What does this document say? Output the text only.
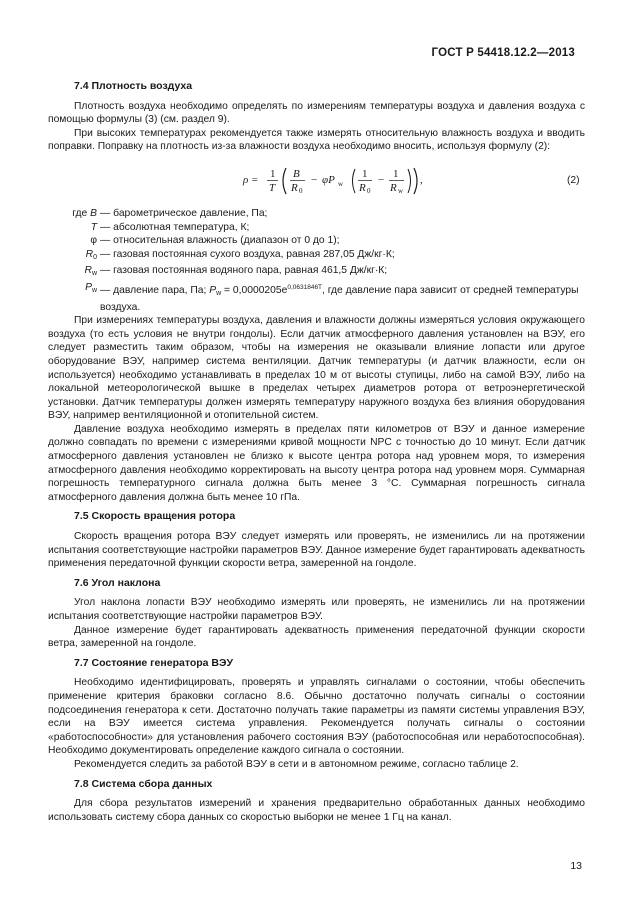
ГОСТ Р 54418.12.2—2013
7.4 Плотность воздуха

Плотность воздуха необходимо определять по измерениям температуры воздуха и давления воздуха с помощью формулы (3) (см. раздел 9).

При высоких температурах рекомендуется также измерять относительную влажность воздуха и вводить поправки. Поправку на плотность из-за влажности воздуха необходимо вносить, используя формулу (2):

ρ = 1
T
B
R 0
− φP w
1
R 0
− 1
R w
,	(2)
где B — барометрическое давление, Па;
T — абсолютная температура, К;
φ — относительная влажность (диапазон от 0 до 1);
$R_0$ — газовая постоянная сухого воздуха, равная 287,05 Дж/кг·К;
$R_w$ — газовая постоянная водяного пара, равная 461,5 Дж/кг·К;
$P_w$ — давление пара, Па; $P_w = 0,0000205e^{0,0631846T}$, где давление пара зависит от средней температуры воздуха.

При измерениях температуры воздуха, давления и влажности должны измеряться условия окружающего воздуха (то есть условия не внутри гондолы). Если датчик атмосферного давления установлен на ВЭУ, его следует разместить таким образом, чтобы на измерения не оказывали влияние лопасти или другое оборудование ВЭУ, например система вентиляции. Датчик температуры (и датчик влажности, если он используется) необходимо устанавливать в пределах 10 м от высоты ступицы, либо на самой ВЭУ, либо на локальной метеорологической вышке в пределах четырех диаметров ротора от ветроэнергетической установки. Датчик температуры должен измерять температуру наружного воздуха без влияния оборудования ВЭУ, например вентиляционной и отопительной систем.

Давление воздуха необходимо измерять в пределах пяти километров от ВЭУ и данное измерение должно совпадать по времени с измерениями кривой мощности NPC с точностью до 10 минут. Если датчик атмосферного давления установлен не близко к высоте центра ротора над уровнем моря, то измерения атмосферного давления необходимо корректировать на высоту центра ротора над уровнем моря. Суммарная погрешность температурного сигнала должна быть менее 3 °С. Суммарная погрешность сигнала атмосферного давления должна быть менее 10 гПа.

7.5 Скорость вращения ротора

Скорость вращения ротора ВЭУ следует измерять или проверять, не изменились ли на протяжении испытания соответствующие настройки параметров ВЭУ. Данное измерение будет гарантировать адекватность применения передаточной функции скорости ветра, замеренной на гондоле.

7.6 Угол наклона

Угол наклона лопасти ВЭУ необходимо измерять или проверять, не изменились ли на протяжении испытания соответствующие настройки параметров ВЭУ.

Данное измерение будет гарантировать адекватность применения передаточной функции скорости ветра, замеренной на гондоле.

7.7 Состояние генератора ВЭУ

Необходимо идентифицировать, проверять и управлять сигналами о состоянии, чтобы обеспечить применение критерия браковки согласно 8.6. Обычно достаточно получать сигналы о состоянии подсоединения генератора к сети. Достаточно получать такие параметры из памяти системы управления ВЭУ, если на ВЭУ имеется система управления. Рекомендуется получать сигналы о состоянии «работоспособности» для установления рабочего состояния ВЭУ (работоспособная или неработоспособная). Необходимо документировать определение каждого сигнала о состоянии.

Рекомендуется следить за работой ВЭУ в сети и в автономном режиме, согласно таблице 2.

7.8 Система сбора данных

Для сбора результатов измерений и хранения предварительно обработанных данных необходимо использовать систему сбора данных со скоростью выборки не менее 1 Гц на канал.

13
